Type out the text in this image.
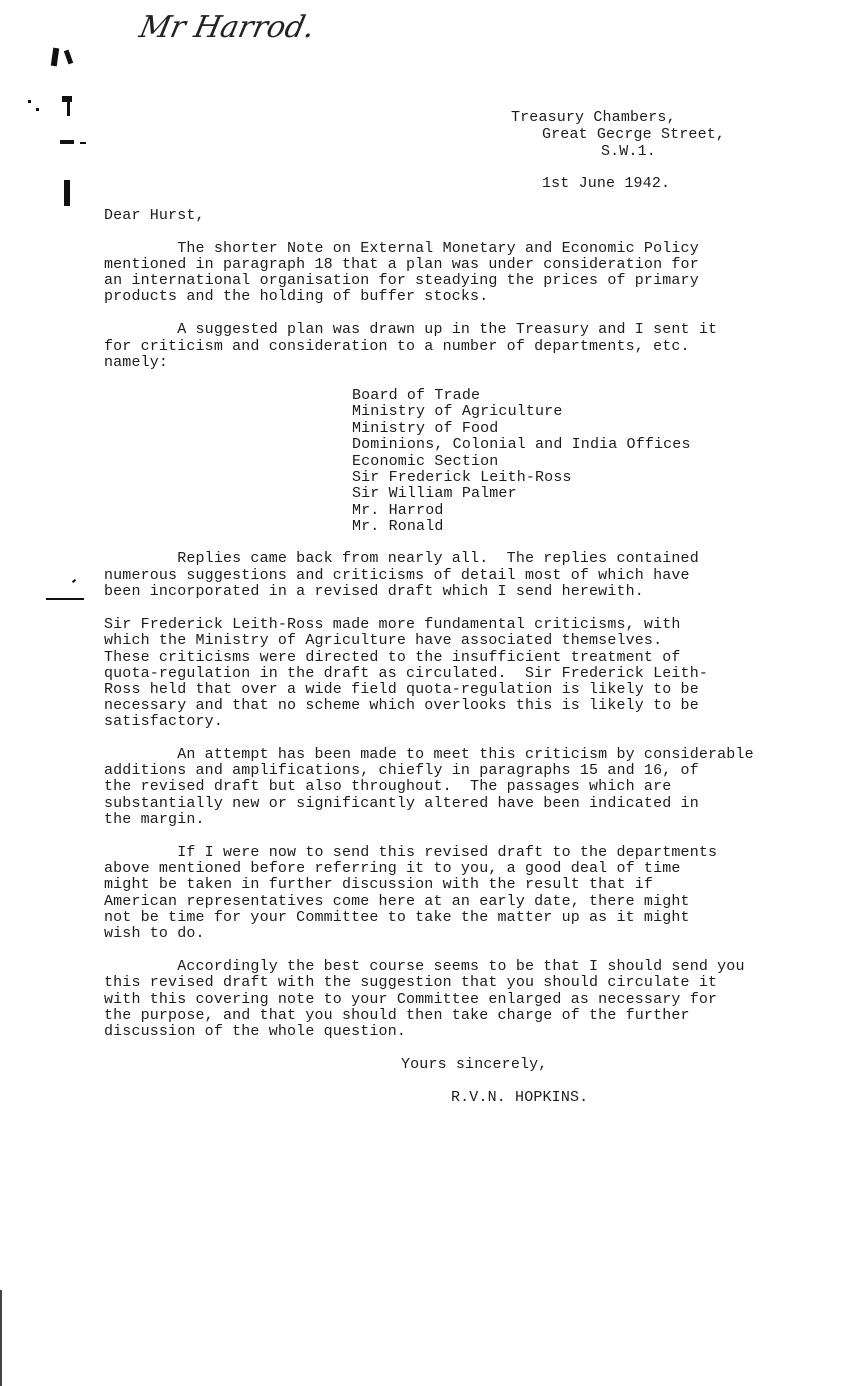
Mr Harrod.
Treasury Chambers,
Great Gecrge Street,
S.W.1.
1st June 1942.
Dear Hurst,
The shorter Note on External Monetary and Economic Policy
mentioned in paragraph 18 that a plan was under consideration for
an international organisation for steadying the prices of primary
products and the holding of buffer stocks.
A suggested plan was drawn up in the Treasury and I sent it
for criticism and consideration to a number of departments, etc.
namely:
Board of Trade
Ministry of Agriculture
Ministry of Food
Dominions, Colonial and India Offices
Economic Section
Sir Frederick Leith-Ross
Sir William Palmer
Mr. Harrod
Mr. Ronald
Replies came back from nearly all.  The replies contained
numerous suggestions and criticisms of detail most of which have
been incorporated in a revised draft which I send herewith.
Sir Frederick Leith-Ross made more fundamental criticisms, with
which the Ministry of Agriculture have associated themselves.
These criticisms were directed to the insufficient treatment of
quota-regulation in the draft as circulated.  Sir Frederick Leith-
Ross held that over a wide field quota-regulation is likely to be
necessary and that no scheme which overlooks this is likely to be
satisfactory.
An attempt has been made to meet this criticism by considerable
additions and amplifications, chiefly in paragraphs 15 and 16, of
the revised draft but also throughout.  The passages which are
substantially new or significantly altered have been indicated in
the margin.
If I were now to send this revised draft to the departments
above mentioned before referring it to you, a good deal of time
might be taken in further discussion with the result that if
American representatives come here at an early date, there might
not be time for your Committee to take the matter up as it might
wish to do.
Accordingly the best course seems to be that I should send you
this revised draft with the suggestion that you should circulate it
with this covering note to your Committee enlarged as necessary for
the purpose, and that you should then take charge of the further
discussion of the whole question.
Yours sincerely,
R.V.N. HOPKINS.
